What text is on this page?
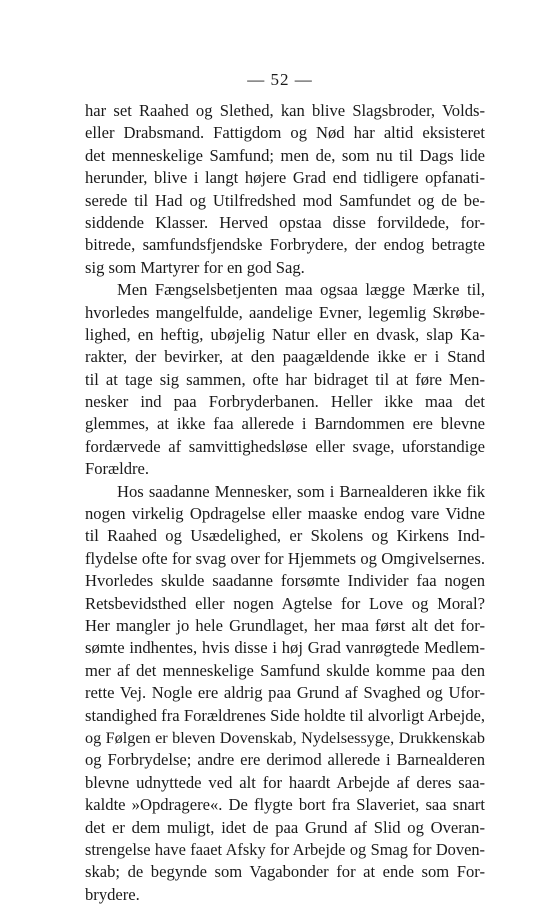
— 52 —
har set Raahed og Slethed, kan blive Slagsbroder, Volds-
eller Drabsmand. Fattigdom og Nød har altid eksisteret
det menneskelige Samfund; men de, som nu til Dags lide
herunder, blive i langt højere Grad end tidligere opfanati-
serede til Had og Utilfredshed mod Samfundet og de be-
siddende Klasser. Herved opstaa disse forvildede, for-
bitrede, samfundsfjendske Forbrydere, der endog betragte
sig som Martyrer for en god Sag.
Men Fængselsbetjenten maa ogsaa lægge Mærke til,
hvorledes mangelfulde, aandelige Evner, legemlig Skrøbe-
lighed, en heftig, ubøjelig Natur eller en dvask, slap Ka-
rakter, der bevirker, at den paagældende ikke er i Stand
til at tage sig sammen, ofte har bidraget til at føre Men-
nesker ind paa Forbryderbanen. Heller ikke maa det
glemmes, at ikke faa allerede i Barndommen ere blevne
fordærvede af samvittighedsløse eller svage, uforstandige
Forældre.
Hos saadanne Mennesker, som i Barnealderen ikke fik
nogen virkelig Opdragelse eller maaske endog vare Vidne
til Raahed og Usædelighed, er Skolens og Kirkens Ind-
flydelse ofte for svag over for Hjemmets og Omgivelsernes.
Hvorledes skulde saadanne forsømte Individer faa nogen
Retsbevidsthed eller nogen Agtelse for Love og Moral?
Her mangler jo hele Grundlaget, her maa først alt det for-
sømte indhentes, hvis disse i høj Grad vanrøgtede Medlem-
mer af det menneskelige Samfund skulde komme paa den
rette Vej. Nogle ere aldrig paa Grund af Svaghed og Ufor-
standighed fra Forældrenes Side holdte til alvorligt Arbejde,
og Følgen er bleven Dovenskab, Nydelsessyge, Drukkenskab
og Forbrydelse; andre ere derimod allerede i Barnealderen
blevne udnyttede ved alt for haardt Arbejde af deres saa-
kaldte »Opdragere«. De flygte bort fra Slaveriet, saa snart
det er dem muligt, idet de paa Grund af Slid og Overan-
strengelse have faaet Afsky for Arbejde og Smag for Doven-
skab; de begynde som Vagabonder for at ende som For-
brydere.
